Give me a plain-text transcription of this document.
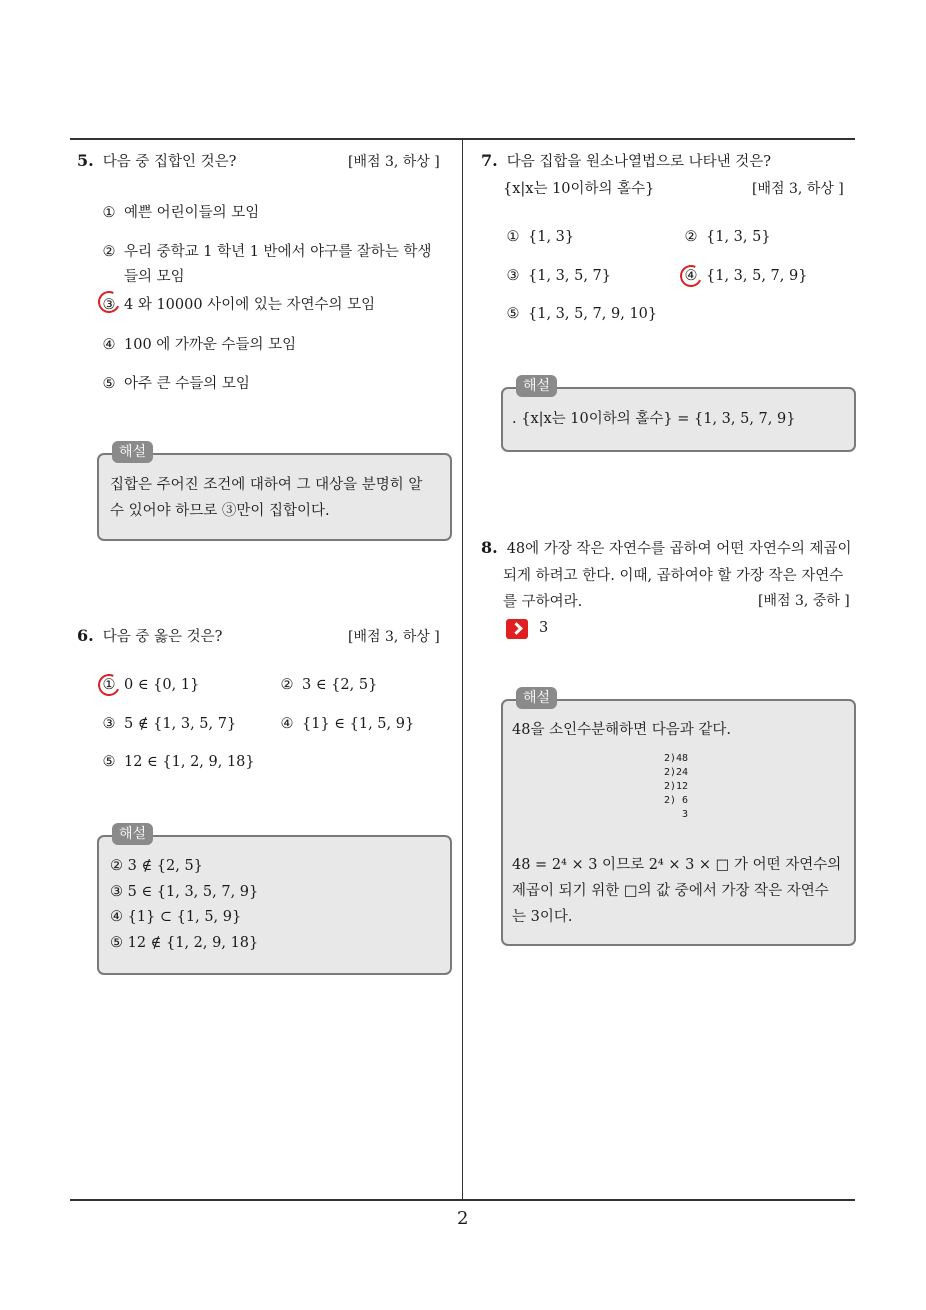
5. 다음 중 집합인 것은?	[배점 3, 하상 ]
① 예쁜 어린이들의 모임
② 우리 중학교 1 학년 1 반에서 야구를 잘하는 학생
들의 모임
③ 4 와 10000 사이에 있는 자연수의 모임
④ 100 에 가까운 수들의 모임
⑤ 아주 큰 수들의 모임
해설
집합은 주어진 조건에 대하여 그 대상을 분명히 알
수 있어야 하므로 ③만이 집합이다.
6. 다음 중 옳은 것은?	[배점 3, 하상 ]
① 0 ∈ {0, 1}	② 3 ∈ {2, 5}
③ 5 ∉ {1, 3, 5, 7}	④ {1} ∈ {1, 5, 9}
⑤ 12 ∈ {1, 2, 9, 18}
해설
② 3 ∉ {2, 5}
③ 5 ∈ {1, 3, 5, 7, 9}
④ {1} ⊂ {1, 5, 9}
⑤ 12 ∉ {1, 2, 9, 18}
7. 다음 집합을 원소나열법으로 나타낸 것은?
{x|x는 10이하의 홀수}	[배점 3, 하상 ]
① {1, 3}	② {1, 3, 5}
③ {1, 3, 5, 7}	④ {1, 3, 5, 7, 9}
⑤ {1, 3, 5, 7, 9, 10}
해설
. {x|x는 10이하의 홀수} = {1, 3, 5, 7, 9}
8. 48에 가장 작은 자연수를 곱하여 어떤 자연수의 제곱이
되게 하려고 한다. 이때, 곱하여야 할 가장 작은 자연수
를 구하여라.	[배점 3, 중하 ]
3
해설
48을 소인수분해하면 다음과 같다.
2)48
2)24
2)12
2) 6
3
48 = 2⁴ × 3 이므로 2⁴ × 3 × □ 가 어떤 자연수의
제곱이 되기 위한 □의 값 중에서 가장 작은 자연수
는 3이다.
2
